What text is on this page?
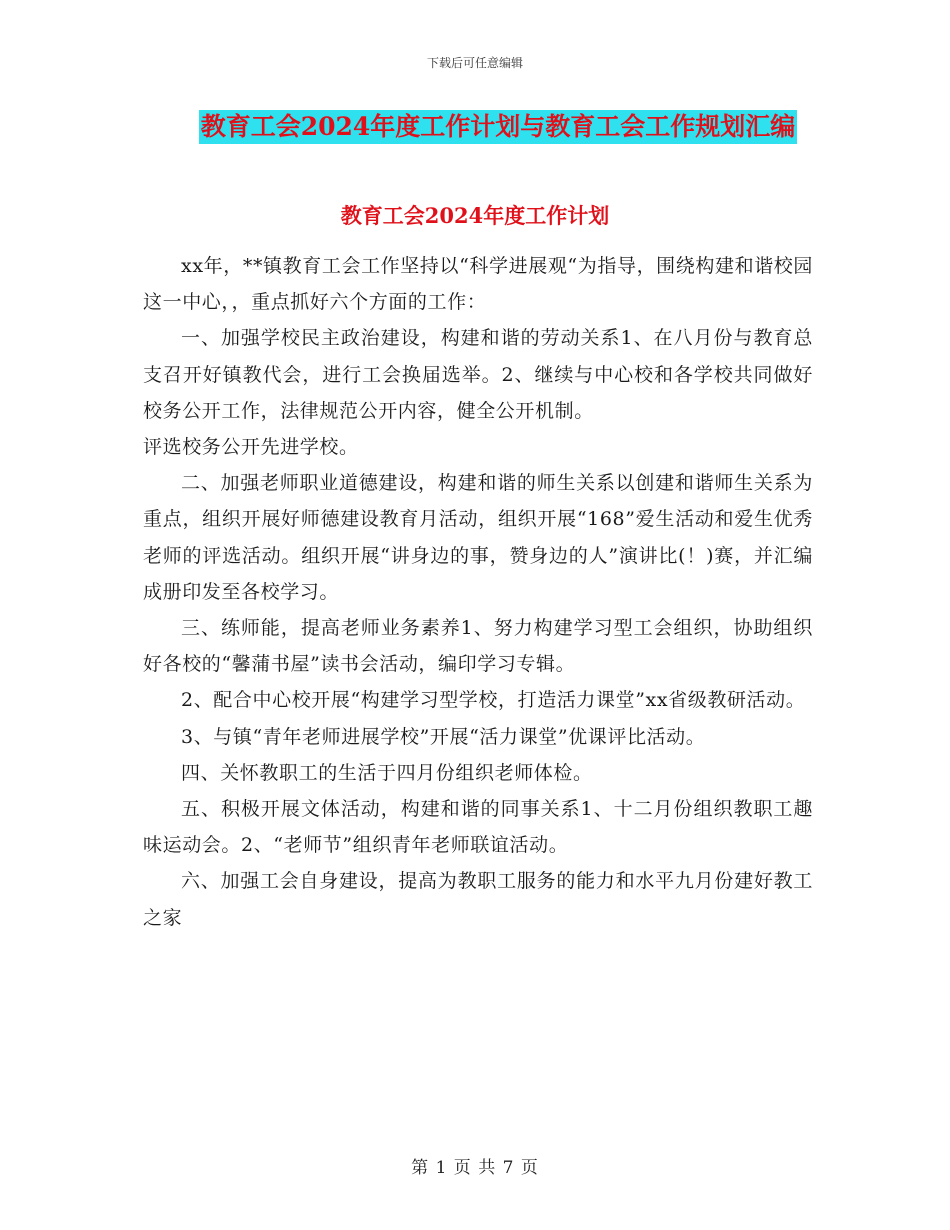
下载后可任意编辑
教育工会2024年度工作计划与教育工会工作规划汇编
教育工会2024年度工作计划

xx年，**镇教育工会工作坚持以“科学进展观“为指导，围绕构建和谐校园这一中心，，重点抓好六个方面的工作：

一、加强学校民主政治建设，构建和谐的劳动关系1、在八月份与教育总支召开好镇教代会，进行工会换届选举。2、继续与中心校和各学校共同做好校务公开工作，法律规范公开内容，健全公开机制。

评选校务公开先进学校。

二、加强老师职业道德建设，构建和谐的师生关系以创建和谐师生关系为重点，组织开展好师德建设教育月活动，组织开展“168”爱生活动和爱生优秀老师的评选活动。组织开展“讲身边的事，赞身边的人”演讲比(！)赛，并汇编成册印发至各校学习。

三、练师能，提高老师业务素养1、努力构建学习型工会组织，协助组织好各校的“馨蒲书屋”读书会活动，编印学习专辑。

2、配合中心校开展“构建学习型学校，打造活力课堂”xx省级教研活动。

3、与镇“青年老师进展学校”开展“活力课堂”优课评比活动。

四、关怀教职工的生活于四月份组织老师体检。

五、积极开展文体活动，构建和谐的同事关系1、十二月份组织教职工趣味运动会。2、“老师节”组织青年老师联谊活动。

六、加强工会自身建设，提高为教职工服务的能力和水平九月份建好教工之家

第 1 页 共 7 页
